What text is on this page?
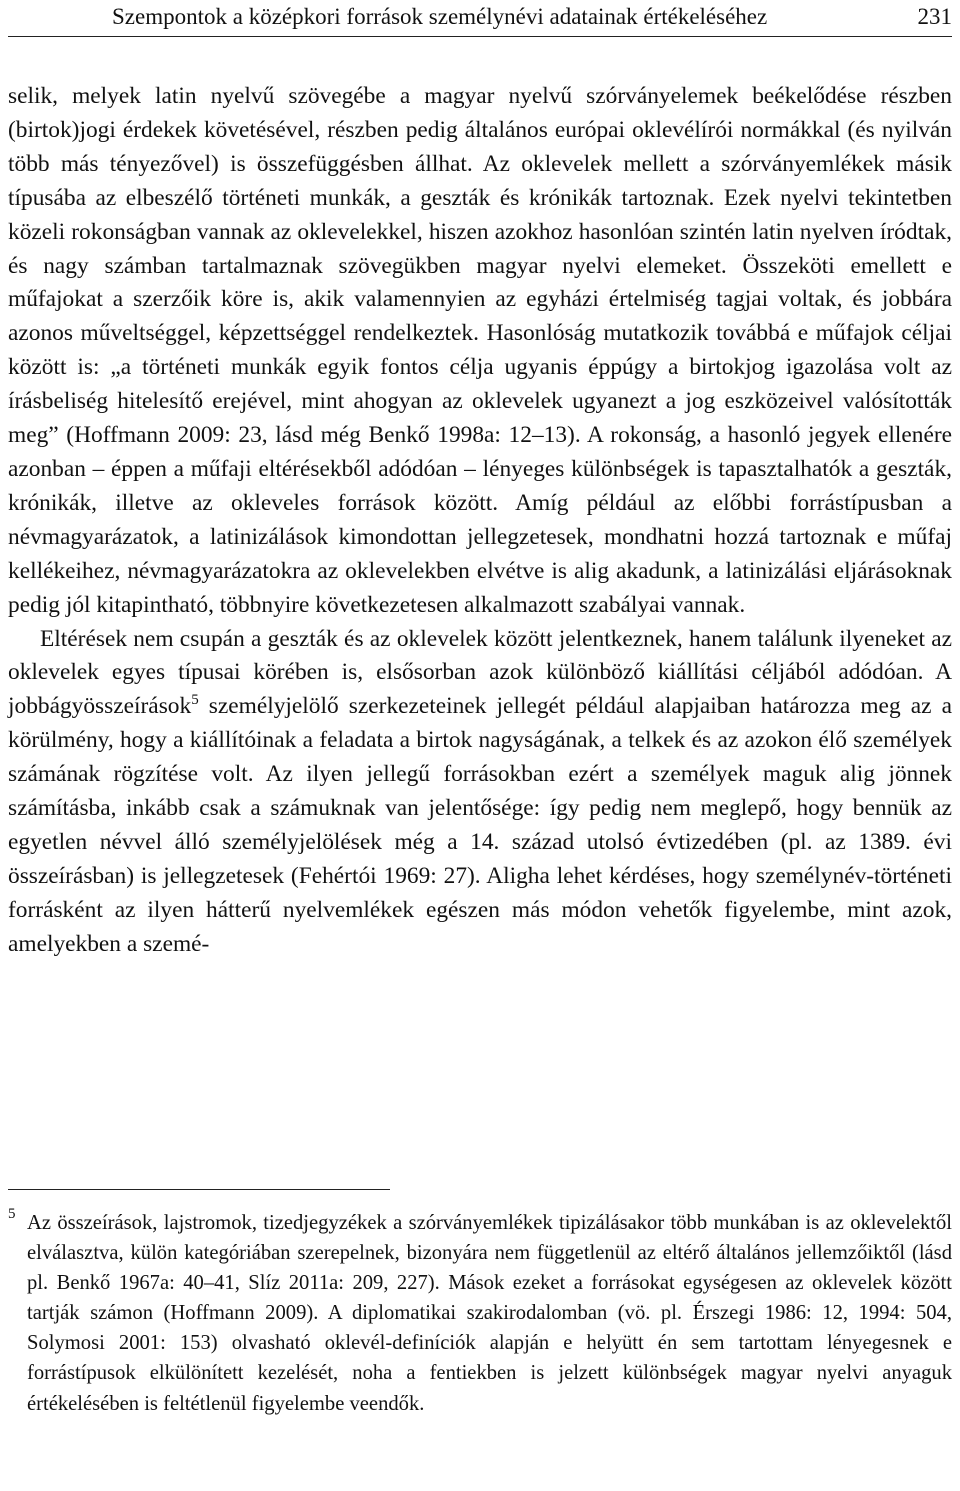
Szempontok a középkori források személynévi adatainak értékeléséhez	231

selik, melyek latin nyelvű szövegébe a magyar nyelvű szórványelemek beékelődése részben (birtok)jogi érdekek követésével, részben pedig általános európai oklevélírói normákkal (és nyilván több más tényezővel) is összefüggésben állhat. Az oklevelek mellett a szórványemlékek másik típusába az elbeszélő történeti munkák, a geszták és krónikák tartoznak. Ezek nyelvi tekintetben közeli rokonságban vannak az oklevelekkel, hiszen azokhoz hasonlóan szintén latin nyelven íródtak, és nagy számban tartalmaznak szövegükben magyar nyelvi elemeket. Összeköti emellett e műfajokat a szerzőik köre is, akik valamennyien az egyházi értelmiség tagjai voltak, és jobbára azonos műveltséggel, képzettséggel rendelkeztek. Hasonlóság mutatkozik továbbá e műfajok céljai között is: „a történeti munkák egyik fontos célja ugyanis éppúgy a birtokjog igazolása volt az írásbeliség hitelesítő erejével, mint ahogyan az oklevelek ugyanezt a jog eszközeivel valósították meg” (Hoffmann 2009: 23, lásd még Benkő 1998a: 12–13). A rokonság, a hasonló jegyek ellenére azonban – éppen a műfaji eltérésekből adódóan – lényeges különbségek is tapasztalhatók a geszták, krónikák, illetve az okleveles források között. Amíg például az előbbi forrástípusban a névmagyarázatok, a latinizálások kimondottan jellegzetesek, mondhatni hozzá tartoznak e műfaj kellékeihez, névmagyarázatokra az oklevelekben elvétve is alig akadunk, a latinizálási eljárásoknak pedig jól kitapintható, többnyire következetesen alkalmazott szabályai vannak.

Eltérések nem csupán a geszták és az oklevelek között jelentkeznek, hanem találunk ilyeneket az oklevelek egyes típusai körében is, elsősorban azok különböző kiállítási céljából adódóan. A jobbágyösszeírások$^5$ személyjelölő szerkezeteinek jellegét például alapjaiban határozza meg az a körülmény, hogy a kiállítóinak a feladata a birtok nagyságának, a telkek és az azokon élő személyek számának rögzítése volt. Az ilyen jellegű forrásokban ezért a személyek maguk alig jönnek számításba, inkább csak a számuknak van jelentősége: így pedig nem meglepő, hogy bennük az egyetlen névvel álló személyjelölések még a 14. század utolsó évtizedében (pl. az 1389. évi összeírásban) is jellegzetesek (Fehértói 1969: 27). Aligha lehet kérdéses, hogy személynév-történeti forrásként az ilyen hátterű nyelvemlékek egészen más módon vehetők figyelembe, mint azok, amelyekben a szemé-

5 Az összeírások, lajstromok, tizedjegyzékek a szórványemlékek tipizálásakor több munkában is az oklevelektől elválasztva, külön kategóriában szerepelnek, bizonyára nem függetlenül az eltérő általános jellemzőiktől (lásd pl. Benkő 1967a: 40–41, Slíz 2011a: 209, 227). Mások ezeket a forrásokat egységesen az oklevelek között tartják számon (Hoffmann 2009). A diplomatikai szakirodalomban (vö. pl. Érszegi 1986: 12, 1994: 504, Solymosi 2001: 153) olvasható oklevél-definíciók alapján e helyütt én sem tartottam lényegesnek e forrástípusok elkülönített kezelését, noha a fentiekben is jelzett különbségek magyar nyelvi anyaguk értékelésében is feltétlenül figyelembe veendők.
